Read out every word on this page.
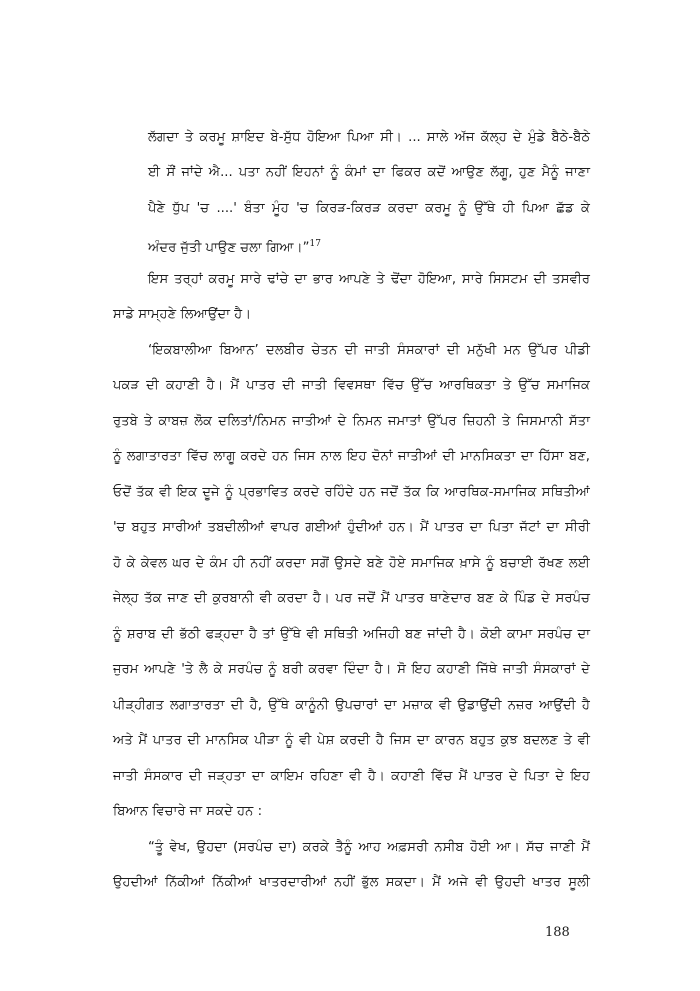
ਲੱਗਦਾ ਤੇ ਕਰਮੂ ਸ਼ਾਇਦ ਬੇ-ਸੁੱਧ ਹੋਇਆ ਪਿਆ ਸੀ। ... ਸਾਲੇ ਅੱਜ ਕੱਲ੍ਹ ਦੇ ਮੁੰਡੇ ਬੈਠੇ-ਬੈਠੇ
ਈ ਸੌਂ ਜਾਂਦੇ ਐ... ਪਤਾ ਨਹੀਂ ਇਹਨਾਂ ਨੂੰ ਕੰਮਾਂ ਦਾ ਫਿਕਰ ਕਦੋਂ ਆਉਣ ਲੱਗੂ, ਹੁਣ ਮੈਨੂੰ ਜਾਣਾ
ਪੈਣੇ ਧੁੱਪ 'ਚ ....' ਬੰਤਾ ਮੂੰਹ 'ਚ ਕਿਰੜ-ਕਿਰੜ ਕਰਦਾ ਕਰਮੂ ਨੂੰ ਉੱਥੇ ਹੀ ਪਿਆ ਛੱਡ ਕੇ
ਅੰਦਰ ਜੁੱਤੀ ਪਾਉਣ ਚਲਾ ਗਿਆ।”$^{17}$
ਇਸ ਤਰ੍ਹਾਂ ਕਰਮੂ ਸਾਰੇ ਢਾਂਚੇ ਦਾ ਭਾਰ ਆਪਣੇ ਤੇ ਢੋਂਦਾ ਹੋਇਆ, ਸਾਰੇ ਸਿਸਟਮ ਦੀ ਤਸਵੀਰ
ਸਾਡੇ ਸਾਮ੍ਹਣੇ ਲਿਆਉਂਦਾ ਹੈ।
‘ਇਕਬਾਲੀਆ ਬਿਆਨ’ ਦਲਬੀਰ ਚੇਤਨ ਦੀ ਜਾਤੀ ਸੰਸਕਾਰਾਂ ਦੀ ਮਨੁੱਖੀ ਮਨ ਉੱਪਰ ਪੀਡੀ
ਪਕੜ ਦੀ ਕਹਾਣੀ ਹੈ। ਮੈਂ ਪਾਤਰ ਦੀ ਜਾਤੀ ਵਿਵਸਥਾ ਵਿੱਚ ਉੱਚ ਆਰਥਿਕਤਾ ਤੇ ਉੱਚ ਸਮਾਜਿਕ
ਰੁਤਬੇ ਤੇ ਕਾਬਜ਼ ਲੋਕ ਦਲਿਤਾਂ/ਨਿਮਨ ਜਾਤੀਆਂ ਦੇ ਨਿਮਨ ਜਮਾਤਾਂ ਉੱਪਰ ਜ਼ਿਹਨੀ ਤੇ ਜਿਸਮਾਨੀ ਸੱਤਾ
ਨੂੰ ਲਗਾਤਾਰਤਾ ਵਿੱਚ ਲਾਗੂ ਕਰਦੇ ਹਨ ਜਿਸ ਨਾਲ ਇਹ ਦੋਨਾਂ ਜਾਤੀਆਂ ਦੀ ਮਾਨਸਿਕਤਾ ਦਾ ਹਿੱਸਾ ਬਣ,
ਓਦੋਂ ਤੱਕ ਵੀ ਇਕ ਦੂਜੇ ਨੂੰ ਪ੍ਰਭਾਵਿਤ ਕਰਦੇ ਰਹਿੰਦੇ ਹਨ ਜਦੋਂ ਤੱਕ ਕਿ ਆਰਥਿਕ-ਸਮਾਜਿਕ ਸਥਿਤੀਆਂ
'ਚ ਬਹੁਤ ਸਾਰੀਆਂ ਤਬਦੀਲੀਆਂ ਵਾਪਰ ਗਈਆਂ ਹੁੰਦੀਆਂ ਹਨ। ਮੈਂ ਪਾਤਰ ਦਾ ਪਿਤਾ ਜੱਟਾਂ ਦਾ ਸੀਰੀ
ਹੋ ਕੇ ਕੇਵਲ ਘਰ ਦੇ ਕੰਮ ਹੀ ਨਹੀਂ ਕਰਦਾ ਸਗੋਂ ਉਸਦੇ ਬਣੇ ਹੋਏ ਸਮਾਜਿਕ ਖ਼ਾਸੇ ਨੂੰ ਬਚਾਈ ਰੱਖਣ ਲਈ
ਜੇਲ੍ਹ ਤੱਕ ਜਾਣ ਦੀ ਕੁਰਬਾਨੀ ਵੀ ਕਰਦਾ ਹੈ। ਪਰ ਜਦੋਂ ਮੈਂ ਪਾਤਰ ਥਾਣੇਦਾਰ ਬਣ ਕੇ ਪਿੰਡ ਦੇ ਸਰਪੰਚ
ਨੂੰ ਸ਼ਰਾਬ ਦੀ ਭੱਠੀ ਫੜ੍ਹਦਾ ਹੈ ਤਾਂ ਉੱਥੇ ਵੀ ਸਥਿਤੀ ਅਜਿਹੀ ਬਣ ਜਾਂਦੀ ਹੈ। ਕੋਈ ਕਾਮਾ ਸਰਪੰਚ ਦਾ
ਜੁਰਮ ਆਪਣੇ 'ਤੇ ਲੈ ਕੇ ਸਰਪੰਚ ਨੂੰ ਬਰੀ ਕਰਵਾ ਦਿੰਦਾ ਹੈ। ਸੋ ਇਹ ਕਹਾਣੀ ਜਿੱਥੇ ਜਾਤੀ ਸੰਸਕਾਰਾਂ ਦੇ
ਪੀੜ੍ਹੀਗਤ ਲਗਾਤਾਰਤਾ ਦੀ ਹੈ, ਉੱਥੇ ਕਾਨੂੰਨੀ ਉਪਚਾਰਾਂ ਦਾ ਮਜ਼ਾਕ ਵੀ ਉਡਾਉਂਦੀ ਨਜ਼ਰ ਆਉਂਦੀ ਹੈ
ਅਤੇ ਮੈਂ ਪਾਤਰ ਦੀ ਮਾਨਸਿਕ ਪੀੜਾ ਨੂੰ ਵੀ ਪੇਸ਼ ਕਰਦੀ ਹੈ ਜਿਸ ਦਾ ਕਾਰਨ ਬਹੁਤ ਕੁਝ ਬਦਲਣ ਤੇ ਵੀ
ਜਾਤੀ ਸੰਸਕਾਰ ਦੀ ਜੜ੍ਹਤਾ ਦਾ ਕਾਇਮ ਰਹਿਣਾ ਵੀ ਹੈ। ਕਹਾਣੀ ਵਿੱਚ ਮੈਂ ਪਾਤਰ ਦੇ ਪਿਤਾ ਦੇ ਇਹ
ਬਿਆਨ ਵਿਚਾਰੇ ਜਾ ਸਕਦੇ ਹਨ :
“ਤੂੰ ਵੇਖ, ਉਹਦਾ (ਸਰਪੰਚ ਦਾ) ਕਰਕੇ ਤੈਨੂੰ ਆਹ ਅਫ਼ਸਰੀ ਨਸੀਬ ਹੋਈ ਆ। ਸੱਚ ਜਾਣੀ ਮੈਂ
ਉਹਦੀਆਂ ਨਿੱਕੀਆਂ ਨਿੱਕੀਆਂ ਖਾਤਰਦਾਰੀਆਂ ਨਹੀਂ ਭੁੱਲ ਸਕਦਾ। ਮੈਂ ਅਜੇ ਵੀ ਉਹਦੀ ਖਾਤਰ ਸੂਲੀ
188
